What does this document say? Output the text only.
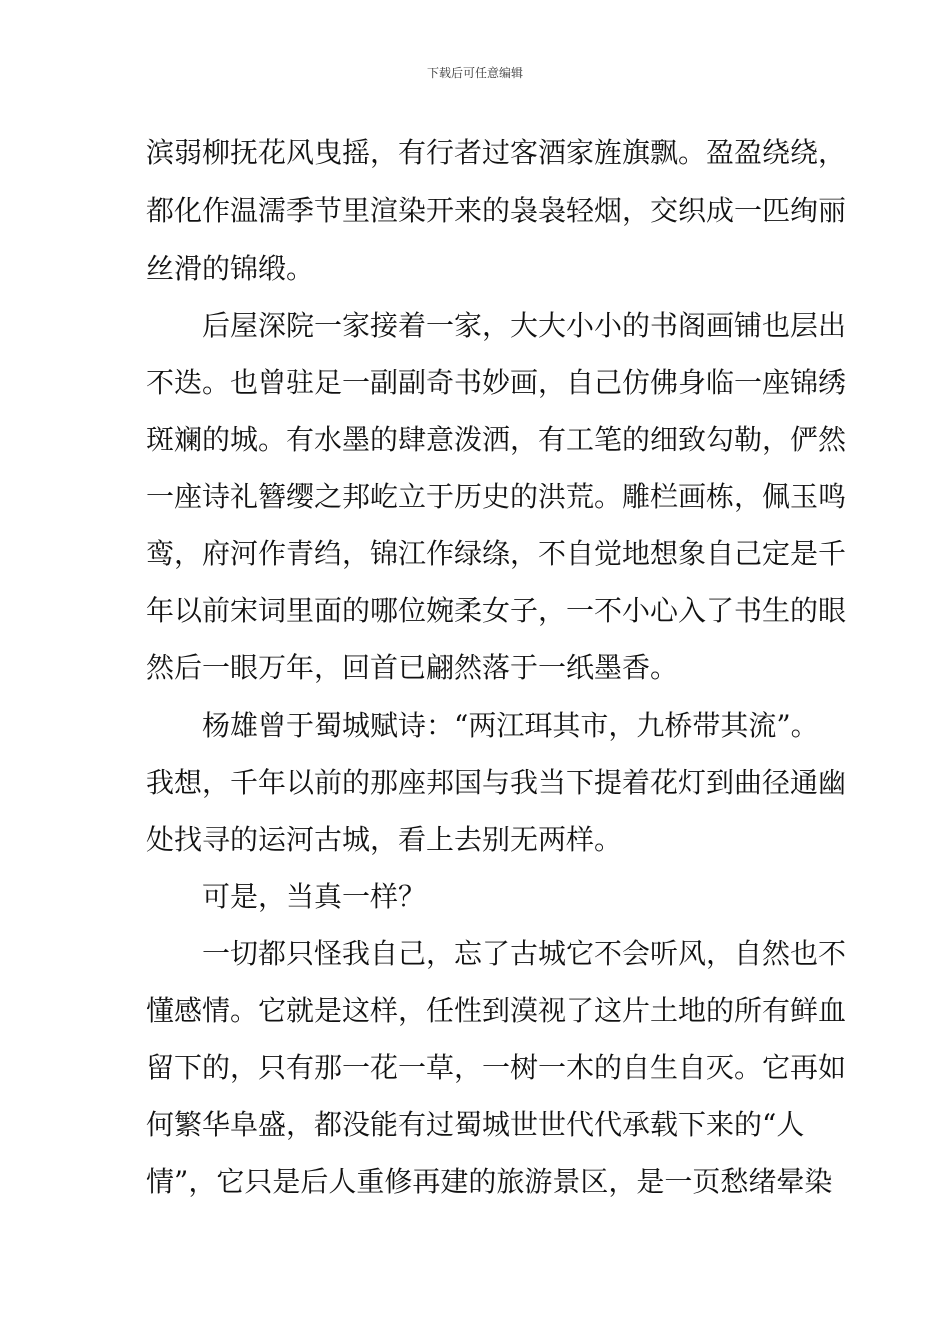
下载后可任意编辑
滨弱柳抚花风曳摇，有行者过客酒家旌旗飘。盈盈绕绕，
都化作温濡季节里渲染开来的袅袅轻烟，交织成一匹绚丽
丝滑的锦缎。
　　后屋深院一家接着一家，大大小小的书阁画铺也层出
不迭。也曾驻足一副副奇书妙画，自己仿佛身临一座锦绣
斑斓的城。有水墨的肆意泼洒，有工笔的细致勾勒，俨然
一座诗礼簪缨之邦屹立于历史的洪荒。雕栏画栋，佩玉鸣
鸾，府河作青绉，锦江作绿绦，不自觉地想象自己定是千
年以前宋词里面的哪位婉柔女子，一不小心入了书生的眼
然后一眼万年，回首已翩然落于一纸墨香。
　　杨雄曾于蜀城赋诗：“两江珥其市，九桥带其流”。
我想，千年以前的那座邦国与我当下提着花灯到曲径通幽
处找寻的运河古城，看上去别无两样。
　　可是，当真一样？
　　一切都只怪我自己，忘了古城它不会听风，自然也不
懂感情。它就是这样，任性到漠视了这片土地的所有鲜血
留下的，只有那一花一草，一树一木的自生自灭。它再如
何繁华阜盛，都没能有过蜀城世世代代承载下来的“人
情”，它只是后人重修再建的旅游景区，是一页愁绪晕染
